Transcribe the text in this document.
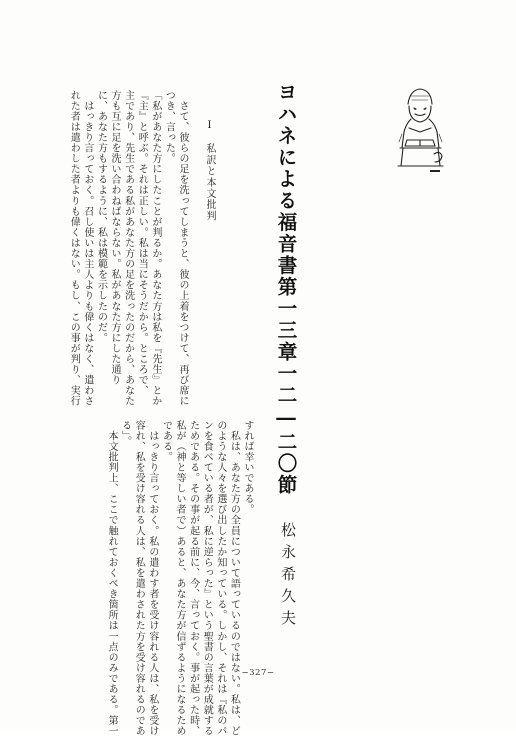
ヨハネによる福音書第一三章一二―二〇節
松永希久夫
I　私訳と本文批判
　さて、彼らの足を洗ってしまうと、彼の上着をつけて、再び席に
つき、言った。
「私があなた方にしたことが判るか。あなた方は私を『先生』とか
『主』と呼ぶ。それは正しい。私は当にそうだから。ところで、
主であり、先生である私があなた方の足を洗ったのだから、あなた
方も互に足を洗い合わねばならない。私があなた方にした通り
に、あなた方もするように、私は模範を示したのだ。
　はっきり言っておく。召し使いは主人よりも偉くはなく、遣わさ
れた者は遣わした者よりも偉くはない。もし、この事が判り、実行
すれば幸いである。
　私は、あなた方の全員について語っているのではない。私は、ど
のような人々を選び出したか知っている。しかし、それは『私のパ
ンを食べている者が、私に逆らった』という聖書の言葉が成就する
ためである。その事が起る前に、今、言っておく。事が起った時、
私が（神と等しい者で）あると、あなた方が信ずるようになるため
である。
　はっきり言っておく。私の遣わす者を受け容れる人は、私を受け
容れ、私を受け容れる人は、私を遣わされた方を受け容れるのであ
る」。
　本文批判上、ここで触れておくべき箇所は一点のみである。第一	−327−
